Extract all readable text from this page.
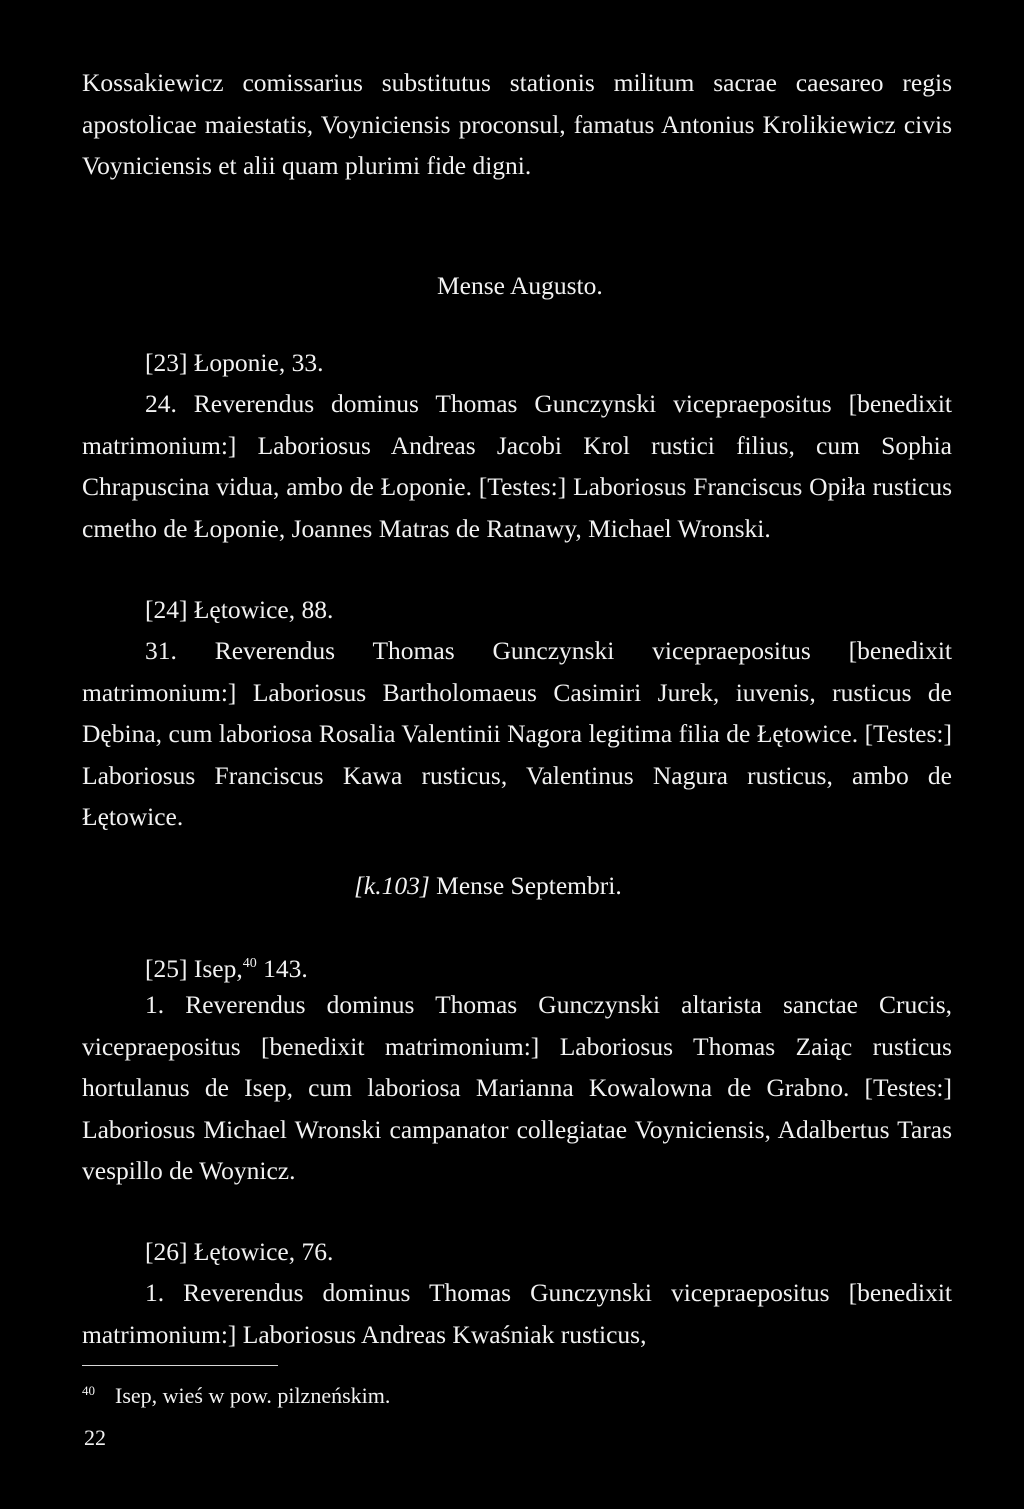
Kossakiewicz comissarius substitutus stationis militum sacrae caesareo regis apostolicae maiestatis, Voyniciensis proconsul, famatus Antonius Krolikiewicz civis Voyniciensis et alii quam plurimi fide digni.

Mense Augusto.

[23] Łoponie, 33.

24. Reverendus dominus Thomas Gunczynski vicepraepositus [benedixit matrimonium:] Laboriosus Andreas Jacobi Krol rustici filius, cum Sophia Chrapuscina vidua, ambo de Łoponie. [Testes:] Laboriosus Franciscus Opiła rusticus cmetho de Łoponie, Joannes Matras de Ratnawy, Michael Wronski.

[24] Łętowice, 88.

31. Reverendus Thomas Gunczynski vicepraepositus [benedixit matrimonium:] Laboriosus Bartholomaeus Casimiri Jurek, iuvenis, rusticus de Dębina, cum laboriosa Rosalia Valentinii Nagora legitima filia de Łętowice. [Testes:] Laboriosus Franciscus Kawa rusticus, Valentinus Nagura rusticus, ambo de Łętowice.

[k.103] Mense Septembri.

[25] Isep,$^{40}$ 143.

1. Reverendus dominus Thomas Gunczynski altarista sanctae Crucis, vicepraepositus [benedixit matrimonium:] Laboriosus Thomas Zaiąc rusticus hortulanus de Isep, cum laboriosa Marianna Kowalowna de Grabno. [Testes:] Laboriosus Michael Wronski campanator collegiatae Voyniciensis, Adalbertus Taras vespillo de Woynicz.

[26] Łętowice, 76.

1. Reverendus dominus Thomas Gunczynski vicepraepositus [benedixit matrimonium:] Laboriosus Andreas Kwaśniak rusticus,

$^{40}$ Isep, wieś w pow. pilzneńskim.
22
